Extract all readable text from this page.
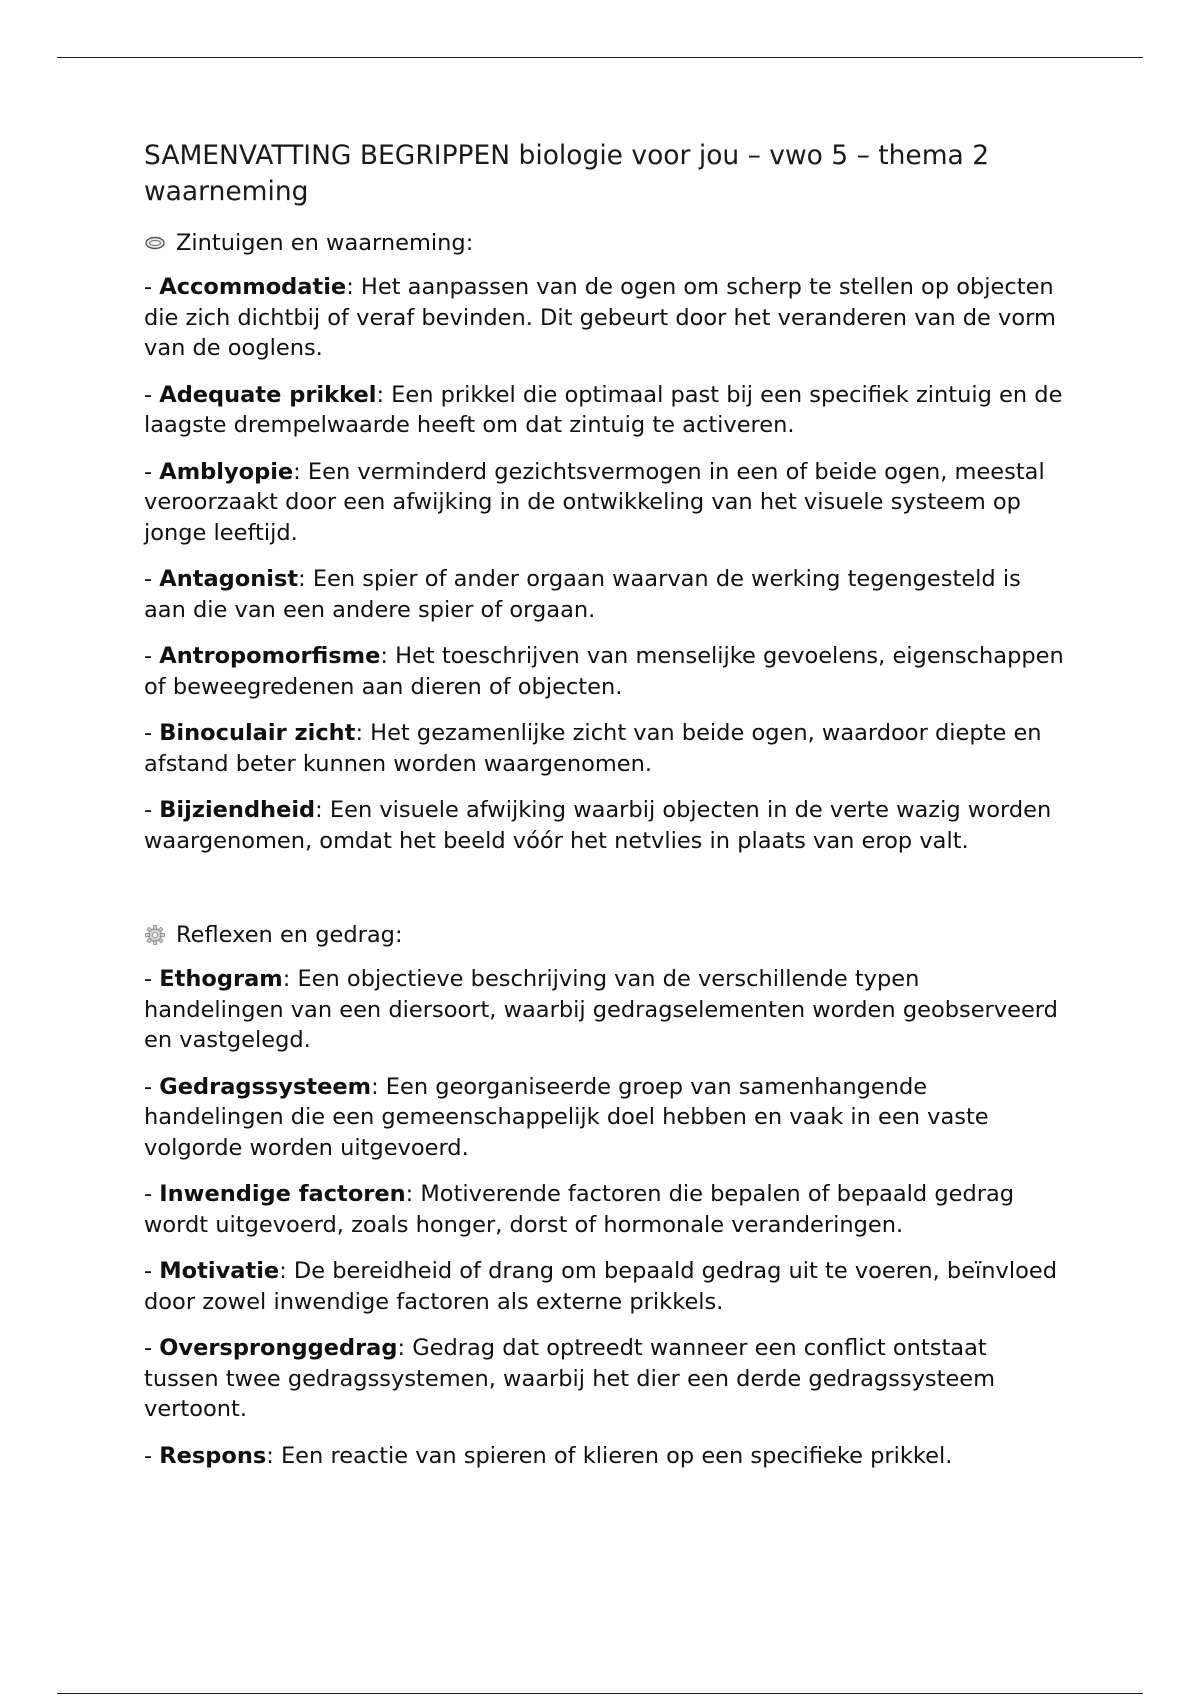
SAMENVATTING BEGRIPPEN biologie voor jou – vwo 5 – thema 2
waarneming
Zintuigen en waarneming:

- Accommodatie: Het aanpassen van de ogen om scherp te stellen op objecten die zich dichtbij of veraf bevinden. Dit gebeurt door het veranderen van de vorm van de ooglens.

- Adequate prikkel: Een prikkel die optimaal past bij een specifiek zintuig en de laagste drempelwaarde heeft om dat zintuig te activeren.

- Amblyopie: Een verminderd gezichtsvermogen in een of beide ogen, meestal veroorzaakt door een afwijking in de ontwikkeling van het visuele systeem op jonge leeftijd.

- Antagonist: Een spier of ander orgaan waarvan de werking tegengesteld is aan die van een andere spier of orgaan.

- Antropomorfisme: Het toeschrijven van menselijke gevoelens, eigenschappen of beweegredenen aan dieren of objecten.

- Binoculair zicht: Het gezamenlijke zicht van beide ogen, waardoor diepte en afstand beter kunnen worden waargenomen.

- Bijziendheid: Een visuele afwijking waarbij objecten in de verte wazig worden waargenomen, omdat het beeld vóór het netvlies in plaats van erop valt.

Reflexen en gedrag:

- Ethogram: Een objectieve beschrijving van de verschillende typen handelingen van een diersoort, waarbij gedragselementen worden geobserveerd en vastgelegd.

- Gedragssysteem: Een georganiseerde groep van samenhangende handelingen die een gemeenschappelijk doel hebben en vaak in een vaste volgorde worden uitgevoerd.

- Inwendige factoren: Motiverende factoren die bepalen of bepaald gedrag wordt uitgevoerd, zoals honger, dorst of hormonale veranderingen.

- Motivatie: De bereidheid of drang om bepaald gedrag uit te voeren, beïnvloed door zowel inwendige factoren als externe prikkels.

- Overspronggedrag: Gedrag dat optreedt wanneer een conflict ontstaat tussen twee gedragssystemen, waarbij het dier een derde gedragssysteem vertoont.

- Respons: Een reactie van spieren of klieren op een specifieke prikkel.
